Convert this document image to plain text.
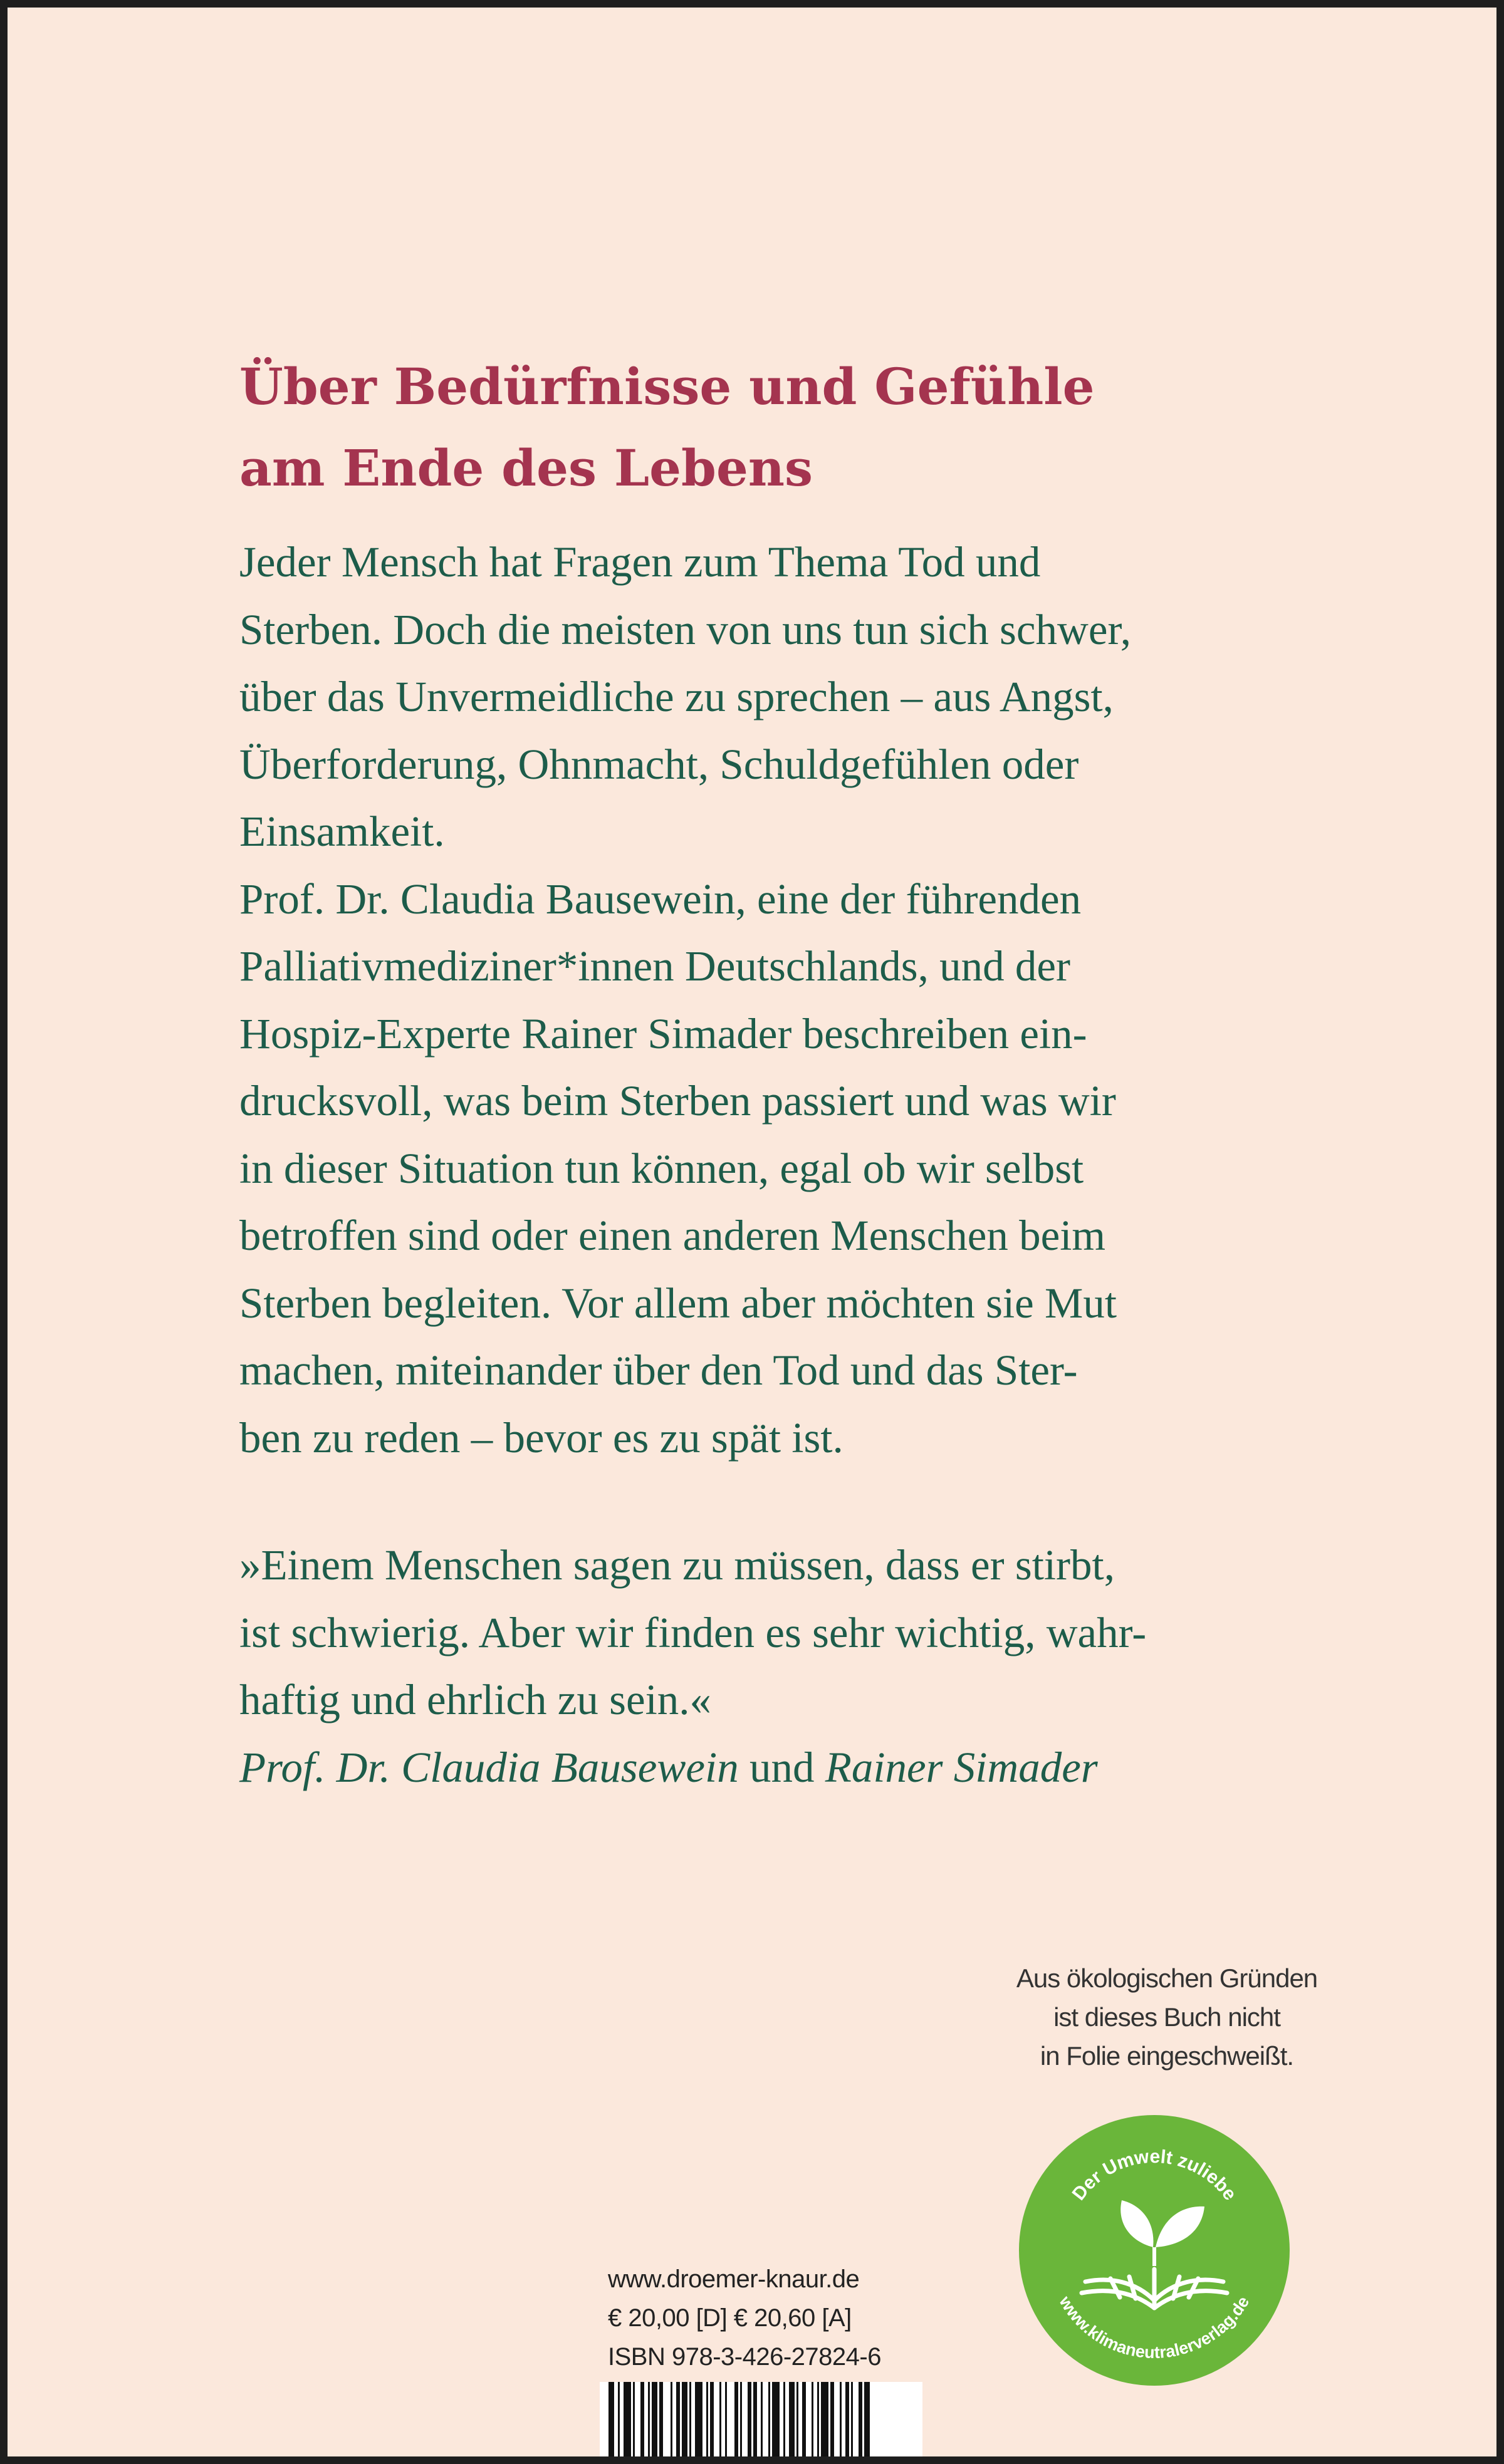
Über Bedürfnisse und Gefühle
am Ende des Lebens
Jeder Mensch hat Fragen zum Thema Tod und
Sterben. Doch die meisten von uns tun sich schwer,
über das Unvermeidliche zu sprechen – aus Angst,
Überforderung, Ohnmacht, Schuldgefühlen oder
Einsamkeit.
Prof. Dr. Claudia Bausewein, eine der führenden
Palliativmediziner*innen Deutschlands, und der
Hospiz-Experte Rainer Simader beschreiben ein-
drucksvoll, was beim Sterben passiert und was wir
in dieser Situation tun können, egal ob wir selbst
betroffen sind oder einen anderen Menschen beim
Sterben begleiten. Vor allem aber möchten sie Mut
machen, miteinander über den Tod und das Ster-
ben zu reden – bevor es zu spät ist.
»Einem Menschen sagen zu müssen, dass er stirbt,
ist schwierig. Aber wir finden es sehr wichtig, wahr-
haftig und ehrlich zu sein.«
Prof. Dr. Claudia Bausewein und Rainer Simader
Aus ökologischen Gründen
ist dieses Buch nicht
in Folie eingeschweißt.
Der Umwelt zuliebe
www.klimaneutralerverlag.de
www.droemer-knaur.de
€ 20,00 [D] € 20,60 [A]
ISBN 978-3-426-27824-6
